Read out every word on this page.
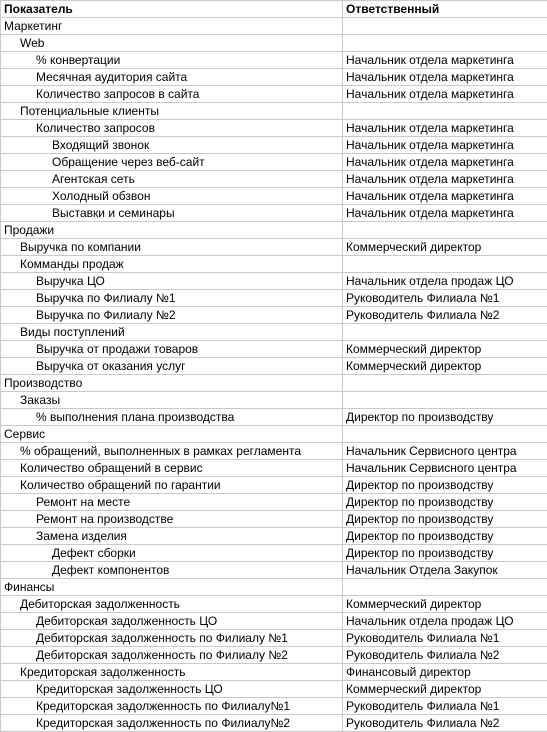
Показатель	Ответственный
Маркетинг	
Web	
% конвертации	Начальник отдела маркетинга
Месячная аудитория сайта	Начальник отдела маркетинга
Количество запросов в сайта	Начальник отдела маркетинга
Потенциальные клиенты	
Количество запросов	Начальник отдела маркетинга
Входящий звонок	Начальник отдела маркетинга
Обращение через веб-сайт	Начальник отдела маркетинга
Агентская сеть	Начальник отдела маркетинга
Холодный обзвон	Начальник отдела маркетинга
Выставки и семинары	Начальник отдела маркетинга
Продажи	
Выручка по компании	Коммерческий директор
Комманды продаж	
Выручка ЦО	Начальник отдела продаж ЦО
Выручка по Филиалу №1	Руководитель Филиала №1
Выручка по Филиалу №2	Руководитель Филиала №2
Виды поступлений	
Выручка от продажи товаров	Коммерческий директор
Выручка от оказания услуг	Коммерческий директор
Производство	
Заказы	
% выполнения плана производства	Директор по производству
Сервис	
% обращений, выполненных в рамках регламента	Начальник Сервисного центра
Количество обращений в сервис	Начальник Сервисного центра
Количество обращений по гарантии	Директор по производству
Ремонт на месте	Директор по производству
Ремонт на производстве	Директор по производству
Замена изделия	Директор по производству
Дефект сборки	Директор по производству
Дефект компонентов	Начальник Отдела Закупок
Финансы	
Дебиторская задолженность	Коммерческий директор
Дебиторская задолженность ЦО	Начальник отдела продаж ЦО
Дебиторская задолженность по Филиалу №1	Руководитель Филиала №1
Дебиторская задолженность по Филиалу №2	Руководитель Филиала №2
Кредиторская задолженность	Финансовый директор
Кредиторская задолженность ЦО	Коммерческий директор
Кредиторская задолженность по Филиалу№1	Руководитель Филиала №1
Кредиторская задолженность по Филиалу№2	Руководитель Филиала №2
